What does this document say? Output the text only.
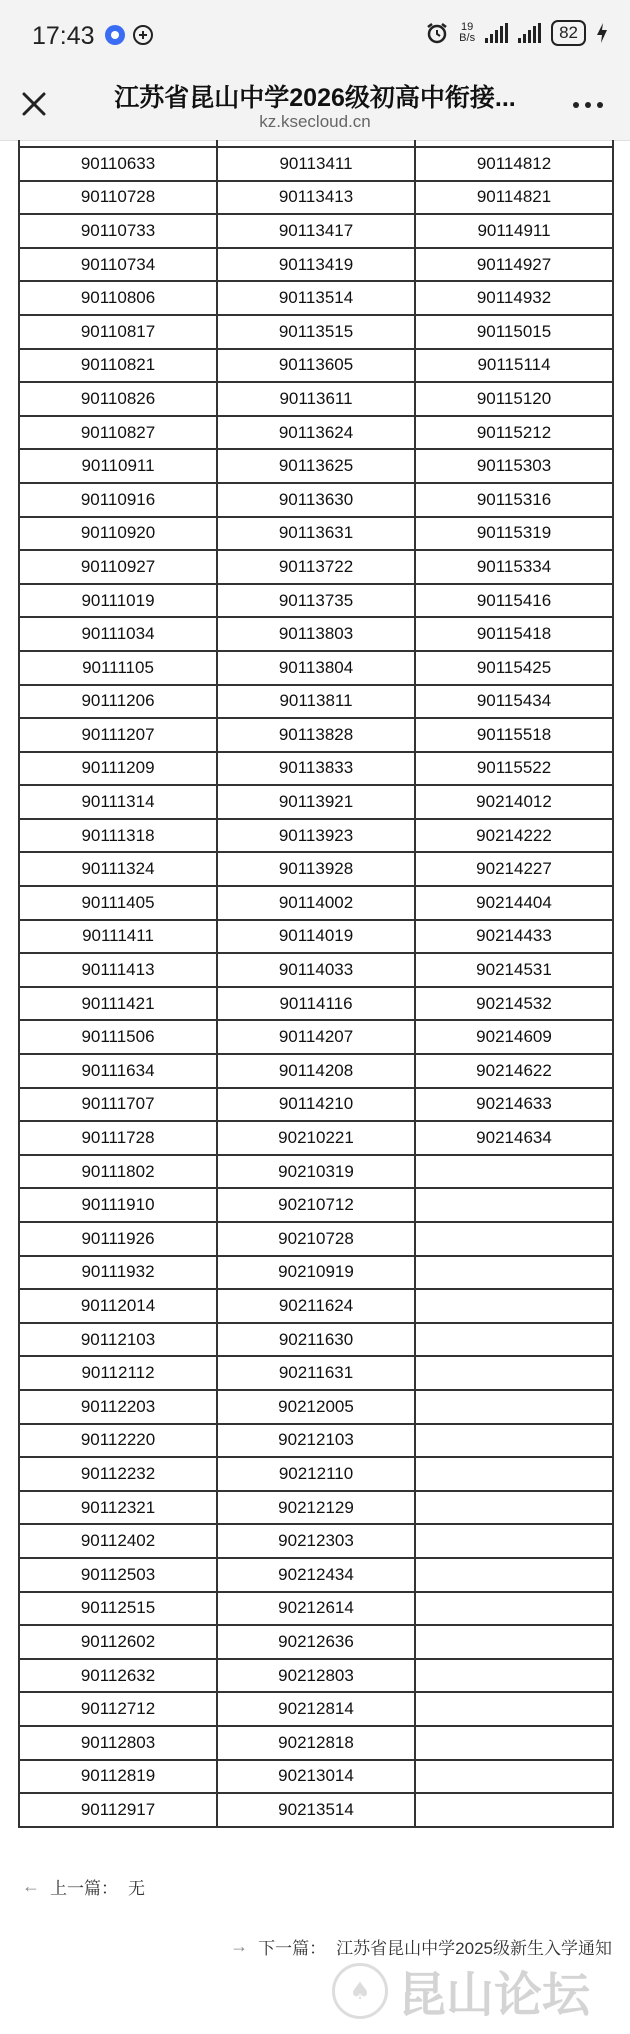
17:43	19
B/s	82
江苏省昆山中学2026级初高中衔接...
kz.ksecloud.cn

90110633	90113411	90114812
90110728	90113413	90114821
90110733	90113417	90114911
90110734	90113419	90114927
90110806	90113514	90114932
90110817	90113515	90115015
90110821	90113605	90115114
90110826	90113611	90115120
90110827	90113624	90115212
90110911	90113625	90115303
90110916	90113630	90115316
90110920	90113631	90115319
90110927	90113722	90115334
90111019	90113735	90115416
90111034	90113803	90115418
90111105	90113804	90115425
90111206	90113811	90115434
90111207	90113828	90115518
90111209	90113833	90115522
90111314	90113921	90214012
90111318	90113923	90214222
90111324	90113928	90214227
90111405	90114002	90214404
90111411	90114019	90214433
90111413	90114033	90214531
90111421	90114116	90214532
90111506	90114207	90214609
90111634	90114208	90214622
90111707	90114210	90214633
90111728	90210221	90214634
90111802	90210319	
90111910	90210712	
90111926	90210728	
90111932	90210919	
90112014	90211624	
90112103	90211630	
90112112	90211631	
90112203	90212005	
90112220	90212103	
90112232	90212110	
90112321	90212129	
90112402	90212303	
90112503	90212434	
90112515	90212614	
90112602	90212636	
90112632	90212803	
90112712	90212814	
90112803	90212818	
90112819	90213014	
90112917	90213514	
← 上一篇： 无
→ 下一篇： 江苏省昆山中学2025级新生入学通知
♠ 昆山论坛
